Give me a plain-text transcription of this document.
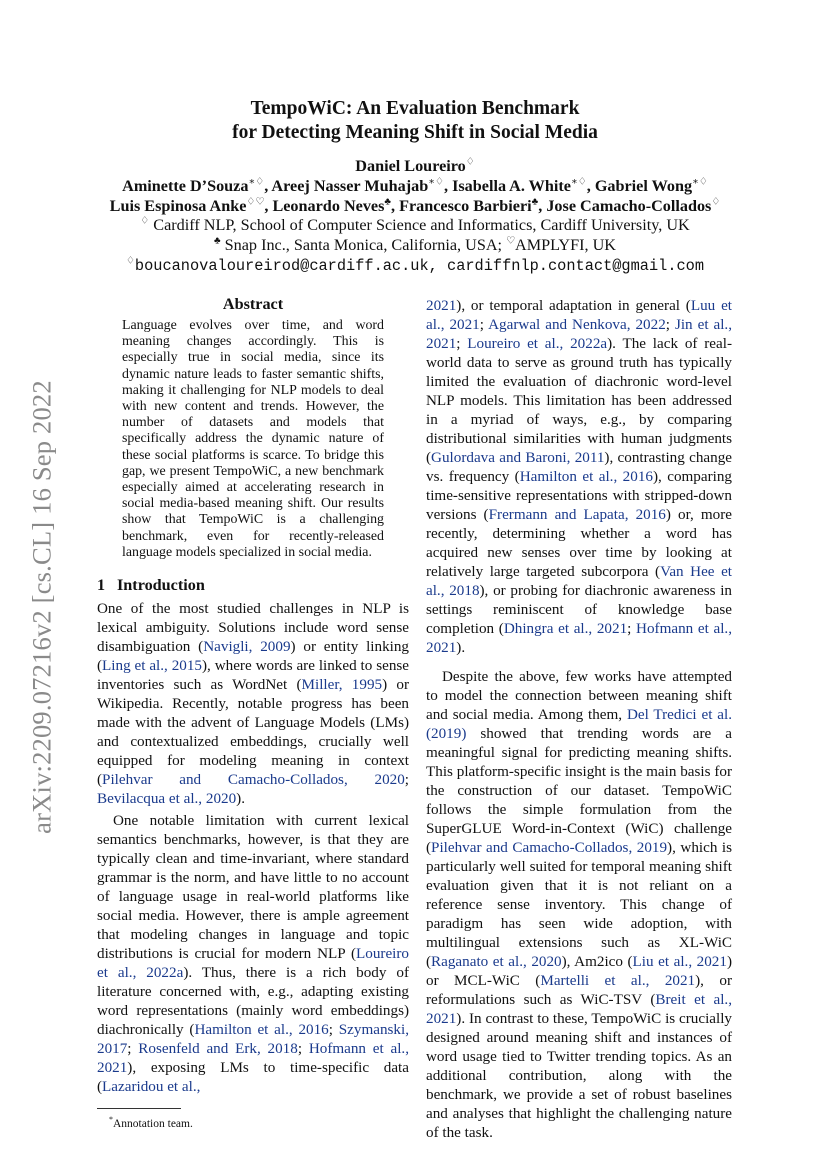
arXiv:2209.07216v2 [cs.CL] 16 Sep 2022
TempoWiC: An Evaluation Benchmark
for Detecting Meaning Shift in Social Media
Daniel Loureiro♢
Aminette D’Souza∗♢, Areej Nasser Muhajab∗♢, Isabella A. White∗♢, Gabriel Wong∗♢
Luis Espinosa Anke♢♡, Leonardo Neves♣, Francesco Barbieri♣, Jose Camacho-Collados♢
♢ Cardiff NLP, School of Computer Science and Informatics, Cardiff University, UK
♣ Snap Inc., Santa Monica, California, USA; ♡AMPLYFI, UK
♢boucanovaloureirod@cardiff.ac.uk, cardiffnlp.contact@gmail.com
Abstract
Language evolves over time, and word meaning changes accordingly. This is especially true in social media, since its dynamic nature leads to faster semantic shifts, making it challenging for NLP models to deal with new content and trends. However, the number of datasets and models that specifically address the dynamic nature of these social platforms is scarce. To bridge this gap, we present TempoWiC, a new benchmark especially aimed at accelerating research in social media-based meaning shift. Our results show that TempoWiC is a challenging benchmark, even for recently-released language models specialized in social media.
1 Introduction

One of the most studied challenges in NLP is lexical ambiguity. Solutions include word sense disambiguation (Navigli, 2009) or entity linking (Ling et al., 2015), where words are linked to sense inventories such as WordNet (Miller, 1995) or Wikipedia. Recently, notable progress has been made with the advent of Language Models (LMs) and contextualized embeddings, crucially well equipped for modeling meaning in context (Pilehvar and Camacho-Collados, 2020; Bevilacqua et al., 2020).

One notable limitation with current lexical semantics benchmarks, however, is that they are typically clean and time-invariant, where standard grammar is the norm, and have little to no account of language usage in real-world platforms like social media. However, there is ample agreement that modeling changes in language and topic distributions is crucial for modern NLP (Loureiro et al., 2022a). Thus, there is a rich body of literature concerned with, e.g., adapting existing word representations (mainly word embeddings) diachronically (Hamilton et al., 2016; Szymanski, 2017; Rosenfeld and Erk, 2018; Hofmann et al., 2021), exposing LMs to time-specific data (Lazaridou et al.,

*Annotation team.

2021), or temporal adaptation in general (Luu et al., 2021; Agarwal and Nenkova, 2022; Jin et al., 2021; Loureiro et al., 2022a). The lack of real-world data to serve as ground truth has typically limited the evaluation of diachronic word-level NLP models. This limitation has been addressed in a myriad of ways, e.g., by comparing distributional similarities with human judgments (Gulordava and Baroni, 2011), contrasting change vs. frequency (Hamilton et al., 2016), comparing time-sensitive representations with stripped-down versions (Frermann and Lapata, 2016) or, more recently, determining whether a word has acquired new senses over time by looking at relatively large targeted subcorpora (Van Hee et al., 2018), or probing for diachronic awareness in settings reminiscent of knowledge base completion (Dhingra et al., 2021; Hofmann et al., 2021).

Despite the above, few works have attempted to model the connection between meaning shift and social media. Among them, Del Tredici et al. (2019) showed that trending words are a meaningful signal for predicting meaning shifts. This platform-specific insight is the main basis for the construction of our dataset. TempoWiC follows the simple formulation from the SuperGLUE Word-in-Context (WiC) challenge (Pilehvar and Camacho-Collados, 2019), which is particularly well suited for temporal meaning shift evaluation given that it is not reliant on a reference sense inventory. This change of paradigm has seen wide adoption, with multilingual extensions such as XL-WiC (Raganato et al., 2020), Am2ico (Liu et al., 2021) or MCL-WiC (Martelli et al., 2021), or reformulations such as WiC-TSV (Breit et al., 2021). In contrast to these, TempoWiC is crucially designed around meaning shift and instances of word usage tied to Twitter trending topics. As an additional contribution, along with the benchmark, we provide a set of robust baselines and analyses that highlight the challenging nature of the task.
